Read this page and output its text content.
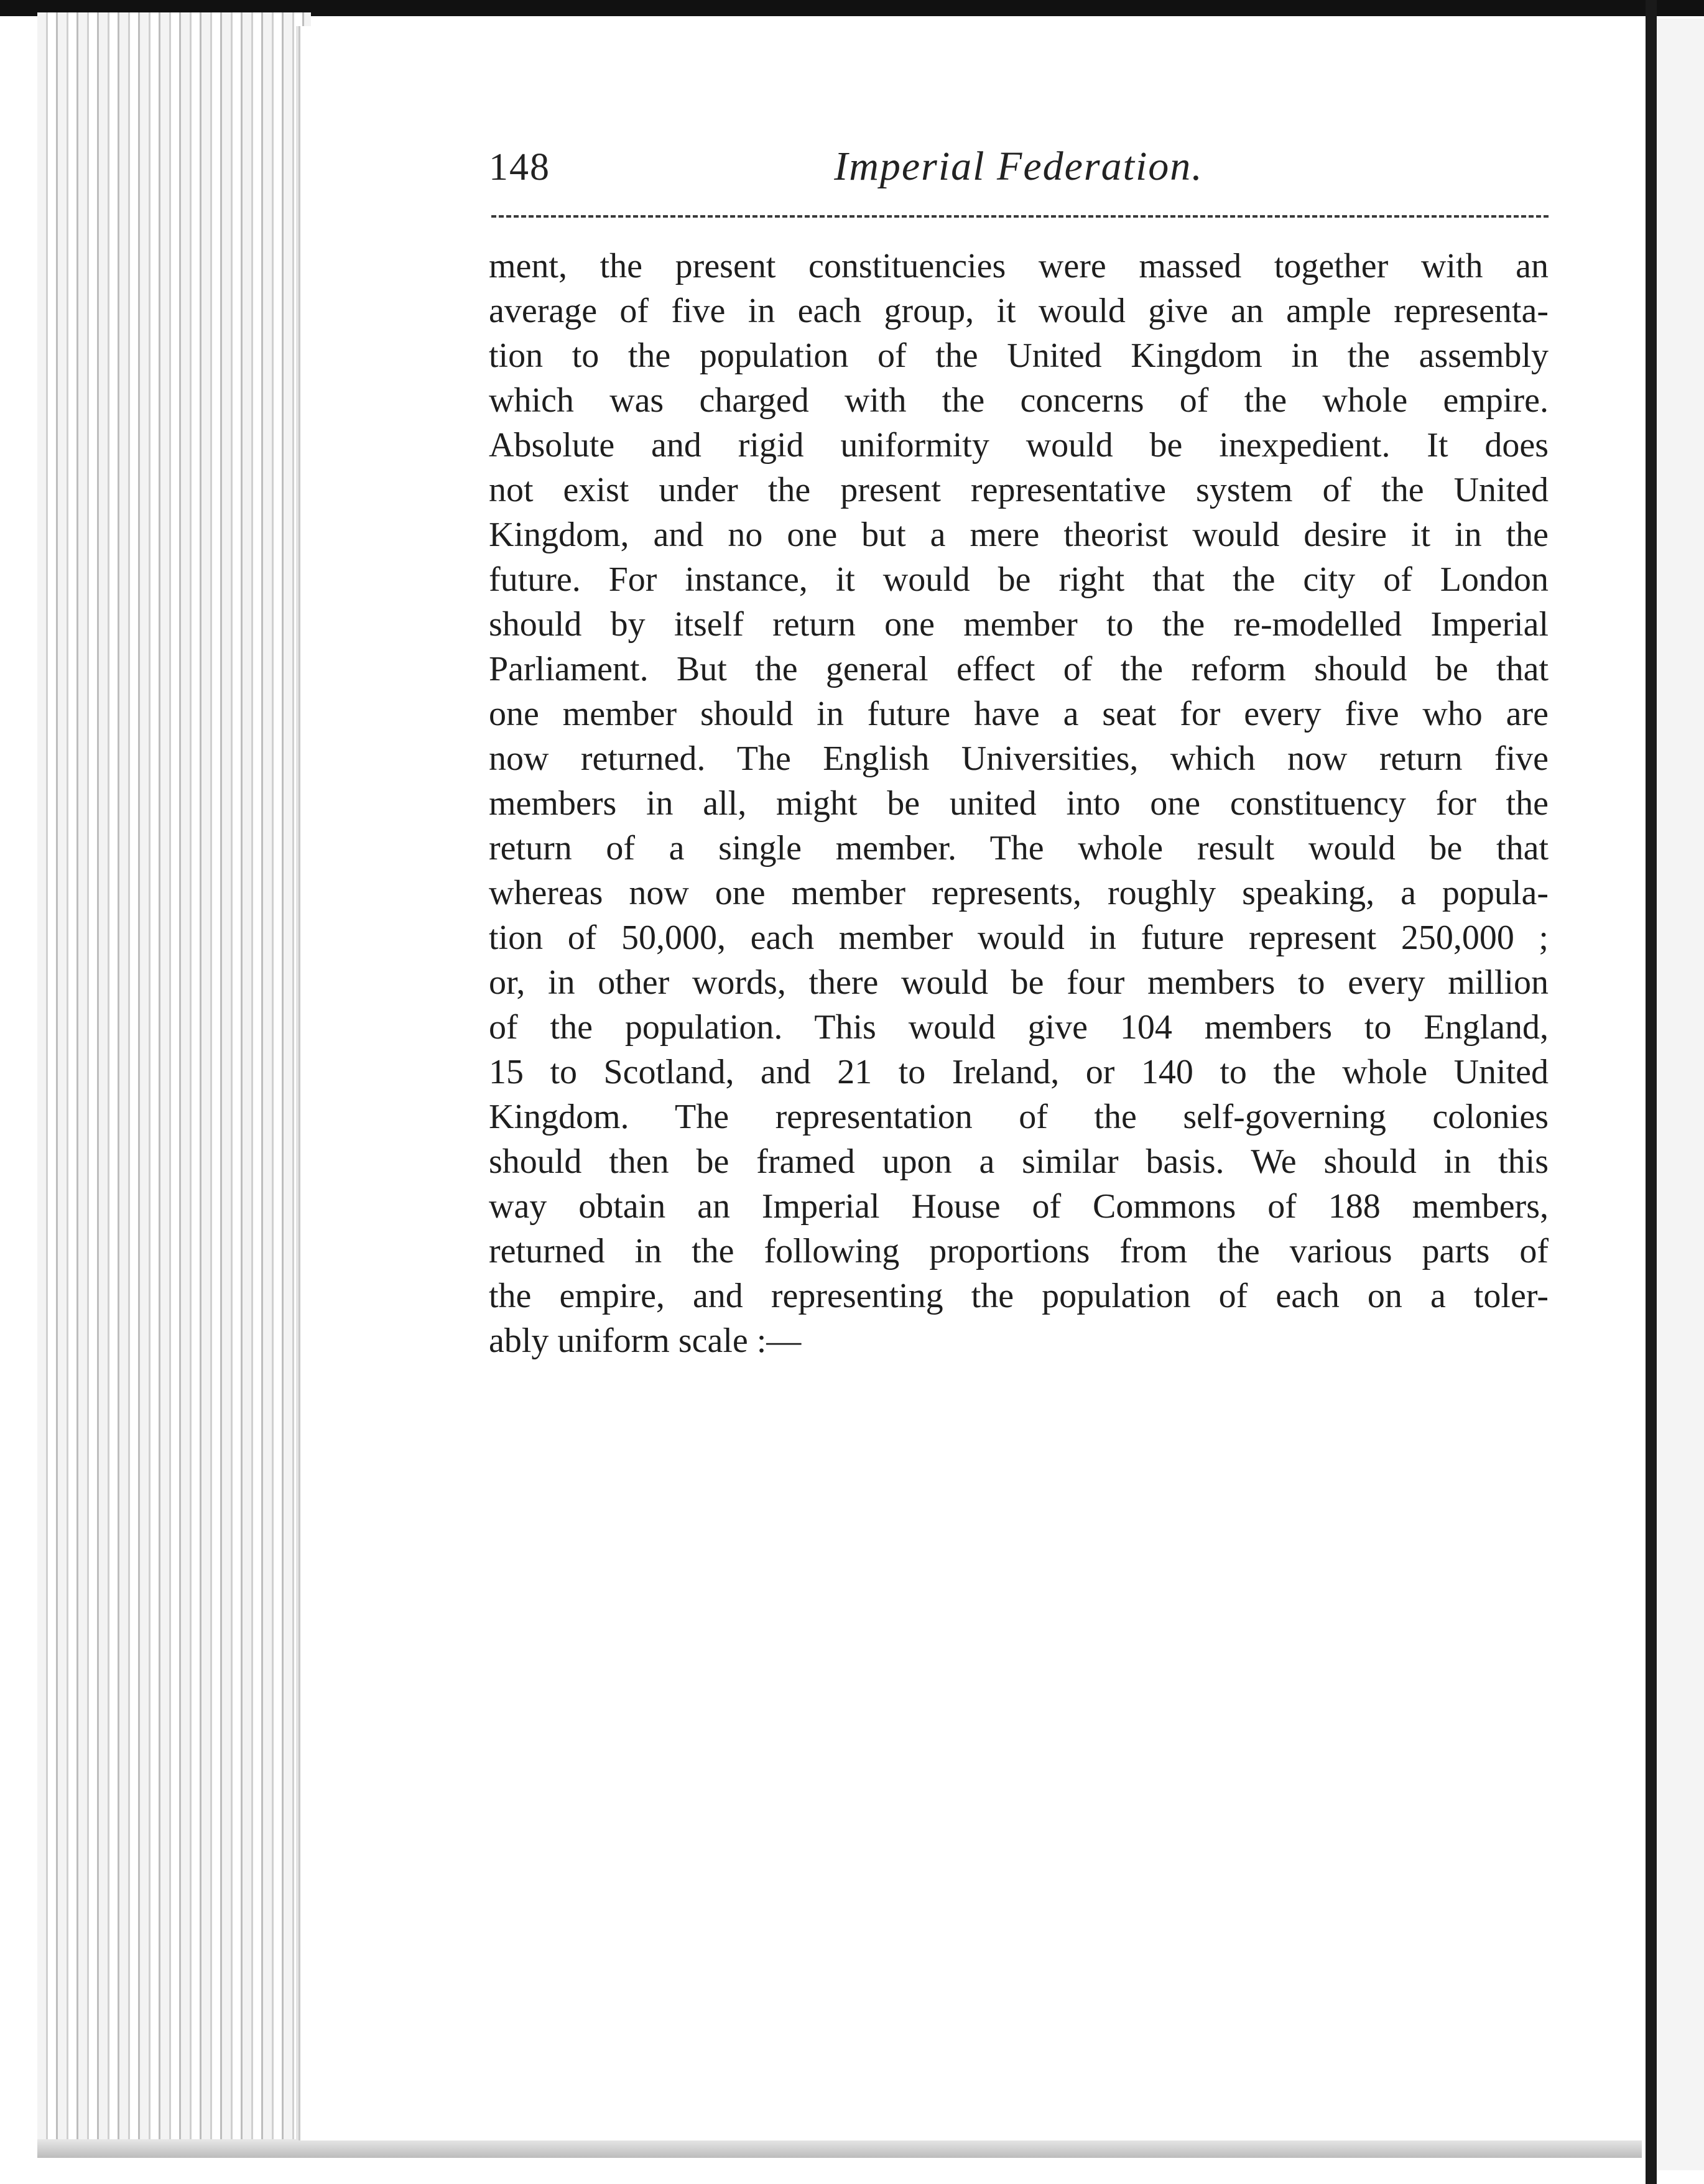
148	Imperial Federation.
ment, the present constituencies were massed together with an
average of five in each group, it would give an ample representa-
tion to the population of the United Kingdom in the assembly
which was charged with the concerns of the whole empire.
Absolute and rigid uniformity would be inexpedient. It does
not exist under the present representative system of the United
Kingdom, and no one but a mere theorist would desire it in the
future. For instance, it would be right that the city of London
should by itself return one member to the re-modelled Imperial
Parliament. But the general effect of the reform should be that
one member should in future have a seat for every five who are
now returned. The English Universities, which now return five
members in all, might be united into one constituency for the
return of a single member. The whole result would be that
whereas now one member represents, roughly speaking, a popula-
tion of 50,000, each member would in future represent 250,000 ;
or, in other words, there would be four members to every million
of the population. This would give 104 members to England,
15 to Scotland, and 21 to Ireland, or 140 to the whole United
Kingdom. The representation of the self-governing colonies
should then be framed upon a similar basis. We should in this
way obtain an Imperial House of Commons of 188 members,
returned in the following proportions from the various parts of
the empire, and representing the population of each on a toler-
ably uniform scale :—
